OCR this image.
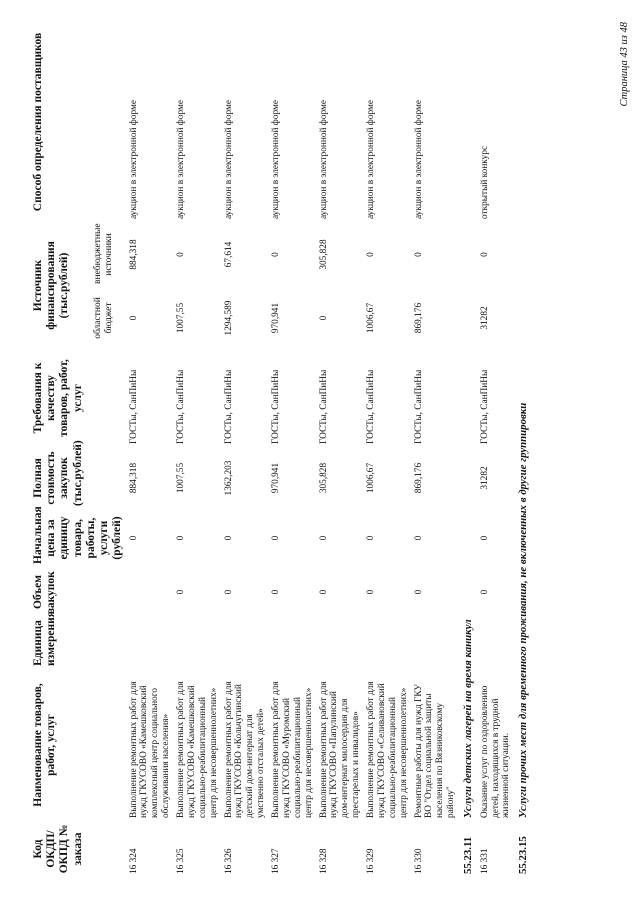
Код ОКДП/ ОКПД № заказа	Наименование товаров, работ, услуг	Единица измерения	Объем закупок	Начальная цена за единицу товара, работы, услуги (рублей)	Полная стоимость закупок (тыс.рублей)	Требования к качеству товаров, работ, услуг	Источник финансирования (тыс.рублей)		Способ определения поставщиков
							областной бюджет	внебюджетные источники	
16 324	Выполнение ремонтных работ для нужд ГКУСОВО «Камешковский комплексный центр социального обслуживания населения»			0	884,318	ГОСТы, СанПиНы	0	884,318	аукцион в электронной форме
16 325	Выполнение ремонтных работ для нужд ГКУСОВО «Камешковский социально-реабилитационный центр для несовершеннолетних»		0	0	1007,55	ГОСТы, СанПиНы	1007,55	0	аукцион в электронной форме
16 326	Выполнение ремонтных работ для нужд ГКУСОВО «Кольчугинский детский дом-интернат для умственно отсталых детей»		0	0	1362,203	ГОСТы, СанПиНы	1294,589	67,614	аукцион в электронной форме
16 327	Выполнение ремонтных работ для нужд ГКУСОВО «Муромский социально-реабилитационный центр для несовершеннолетних»		0	0	970,941	ГОСТы, СанПиНы	970,941	0	аукцион в электронной форме
16 328	Выполнение ремонтных работ для нужд ГКУСОВО «Папулинский дом-интернат милосердия для престарелых и инвалидов»		0	0	305,828	ГОСТы, СанПиНы	0	305,828	аукцион в электронной форме
16 329	Выполнение ремонтных работ для нужд ГКУСОВО «Селивановский социально-реабилитационный центр для несовершеннолетних»		0	0	1006,67	ГОСТы, СанПиНы	1006,67	0	аукцион в электронной форме
16 330	Ремонтные работы для нужд ГКУ ВО "Отдел социальной защиты населения по Вязниковскому району"		0	0	869,176	ГОСТы, СанПиНы	869,176	0	аукцион в электронной форме
55.23.11	Услуги детских лагерей на время каникул								
16 331	Оказание услуг по оздоровлению детей, находящихся в трудной жизненной ситуации.		0	0	31282	ГОСТы, СанПиНы	31282	0	открытый конкурс
55.23.15	Услуги прочих мест для временного проживания, не включенных в другие группировки								
Страница 43 из 48
